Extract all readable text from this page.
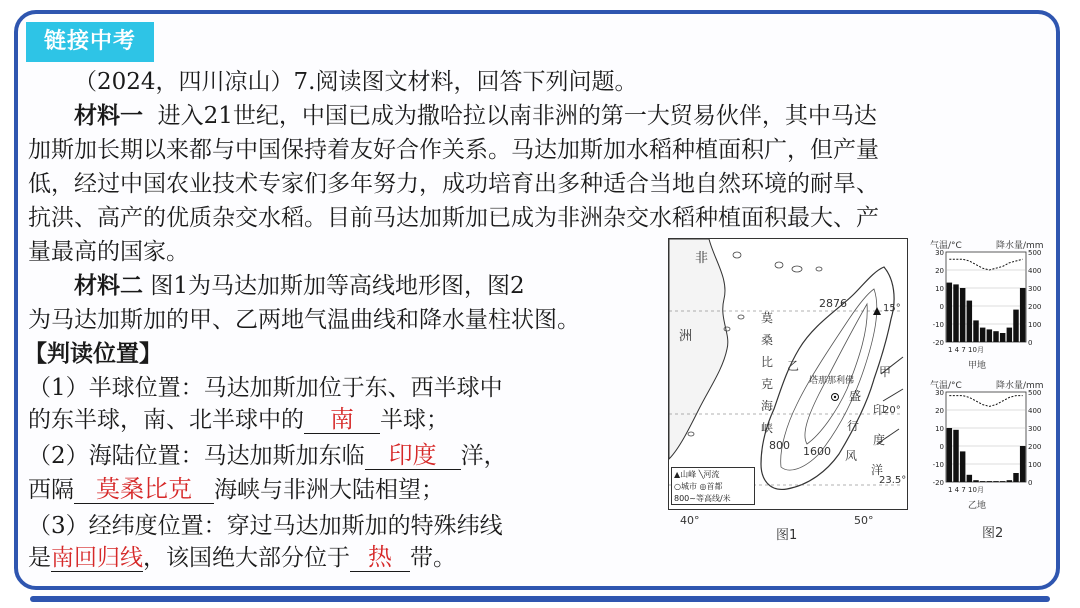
链接中考
（2024，四川凉山）7.阅读图文材料，回答下列问题。
材料一 进入21世纪，中国已成为撒哈拉以南非洲的第一大贸易伙伴，其中马达
加斯加长期以来都与中国保持着友好合作关系。马达加斯加水稻种植面积广，但产量
低，经过中国农业技术专家们多年努力，成功培育出多种适合当地自然环境的耐旱、
抗洪、高产的优质杂交水稻。目前马达加斯加已成为非洲杂交水稻种植面积最大、产
量最高的国家。
材料二 图1为马达加斯加等高线地形图，图2
为马达加斯加的甲、乙两地气温曲线和降水量柱状图。
【判读位置】
（1）半球位置：马达加斯加位于东、西半球中
的东半球，南、北半球中的 南 半球；
（2）海陆位置：马达加斯加东临 印度 洋，
西隔 莫桑比克 海峡与非洲大陆相望；
（3）经纬度位置：穿过马达加斯加的特殊纬线
是南回归线，该国绝大部分位于 热 带。
非
洲
莫
桑
比
克
海
峡
乙	甲
2876
塔那那利佛
800 1600
盛
行
风
印
度
洋
15°
20°
23.5°
▲山峰 ╲河流
○城市 ◎首都
800~等高线/米
40°	50°
图1
气温/°C	降水量/mm
30
20
10
0
-10
-20
500
400
300
200
100
0
1 4 7 10月
甲地
气温/°C	降水量/mm
30
20
10
0
-10
-20
500
400
300
200
100
0
1 4 7 10月
乙地
图2
